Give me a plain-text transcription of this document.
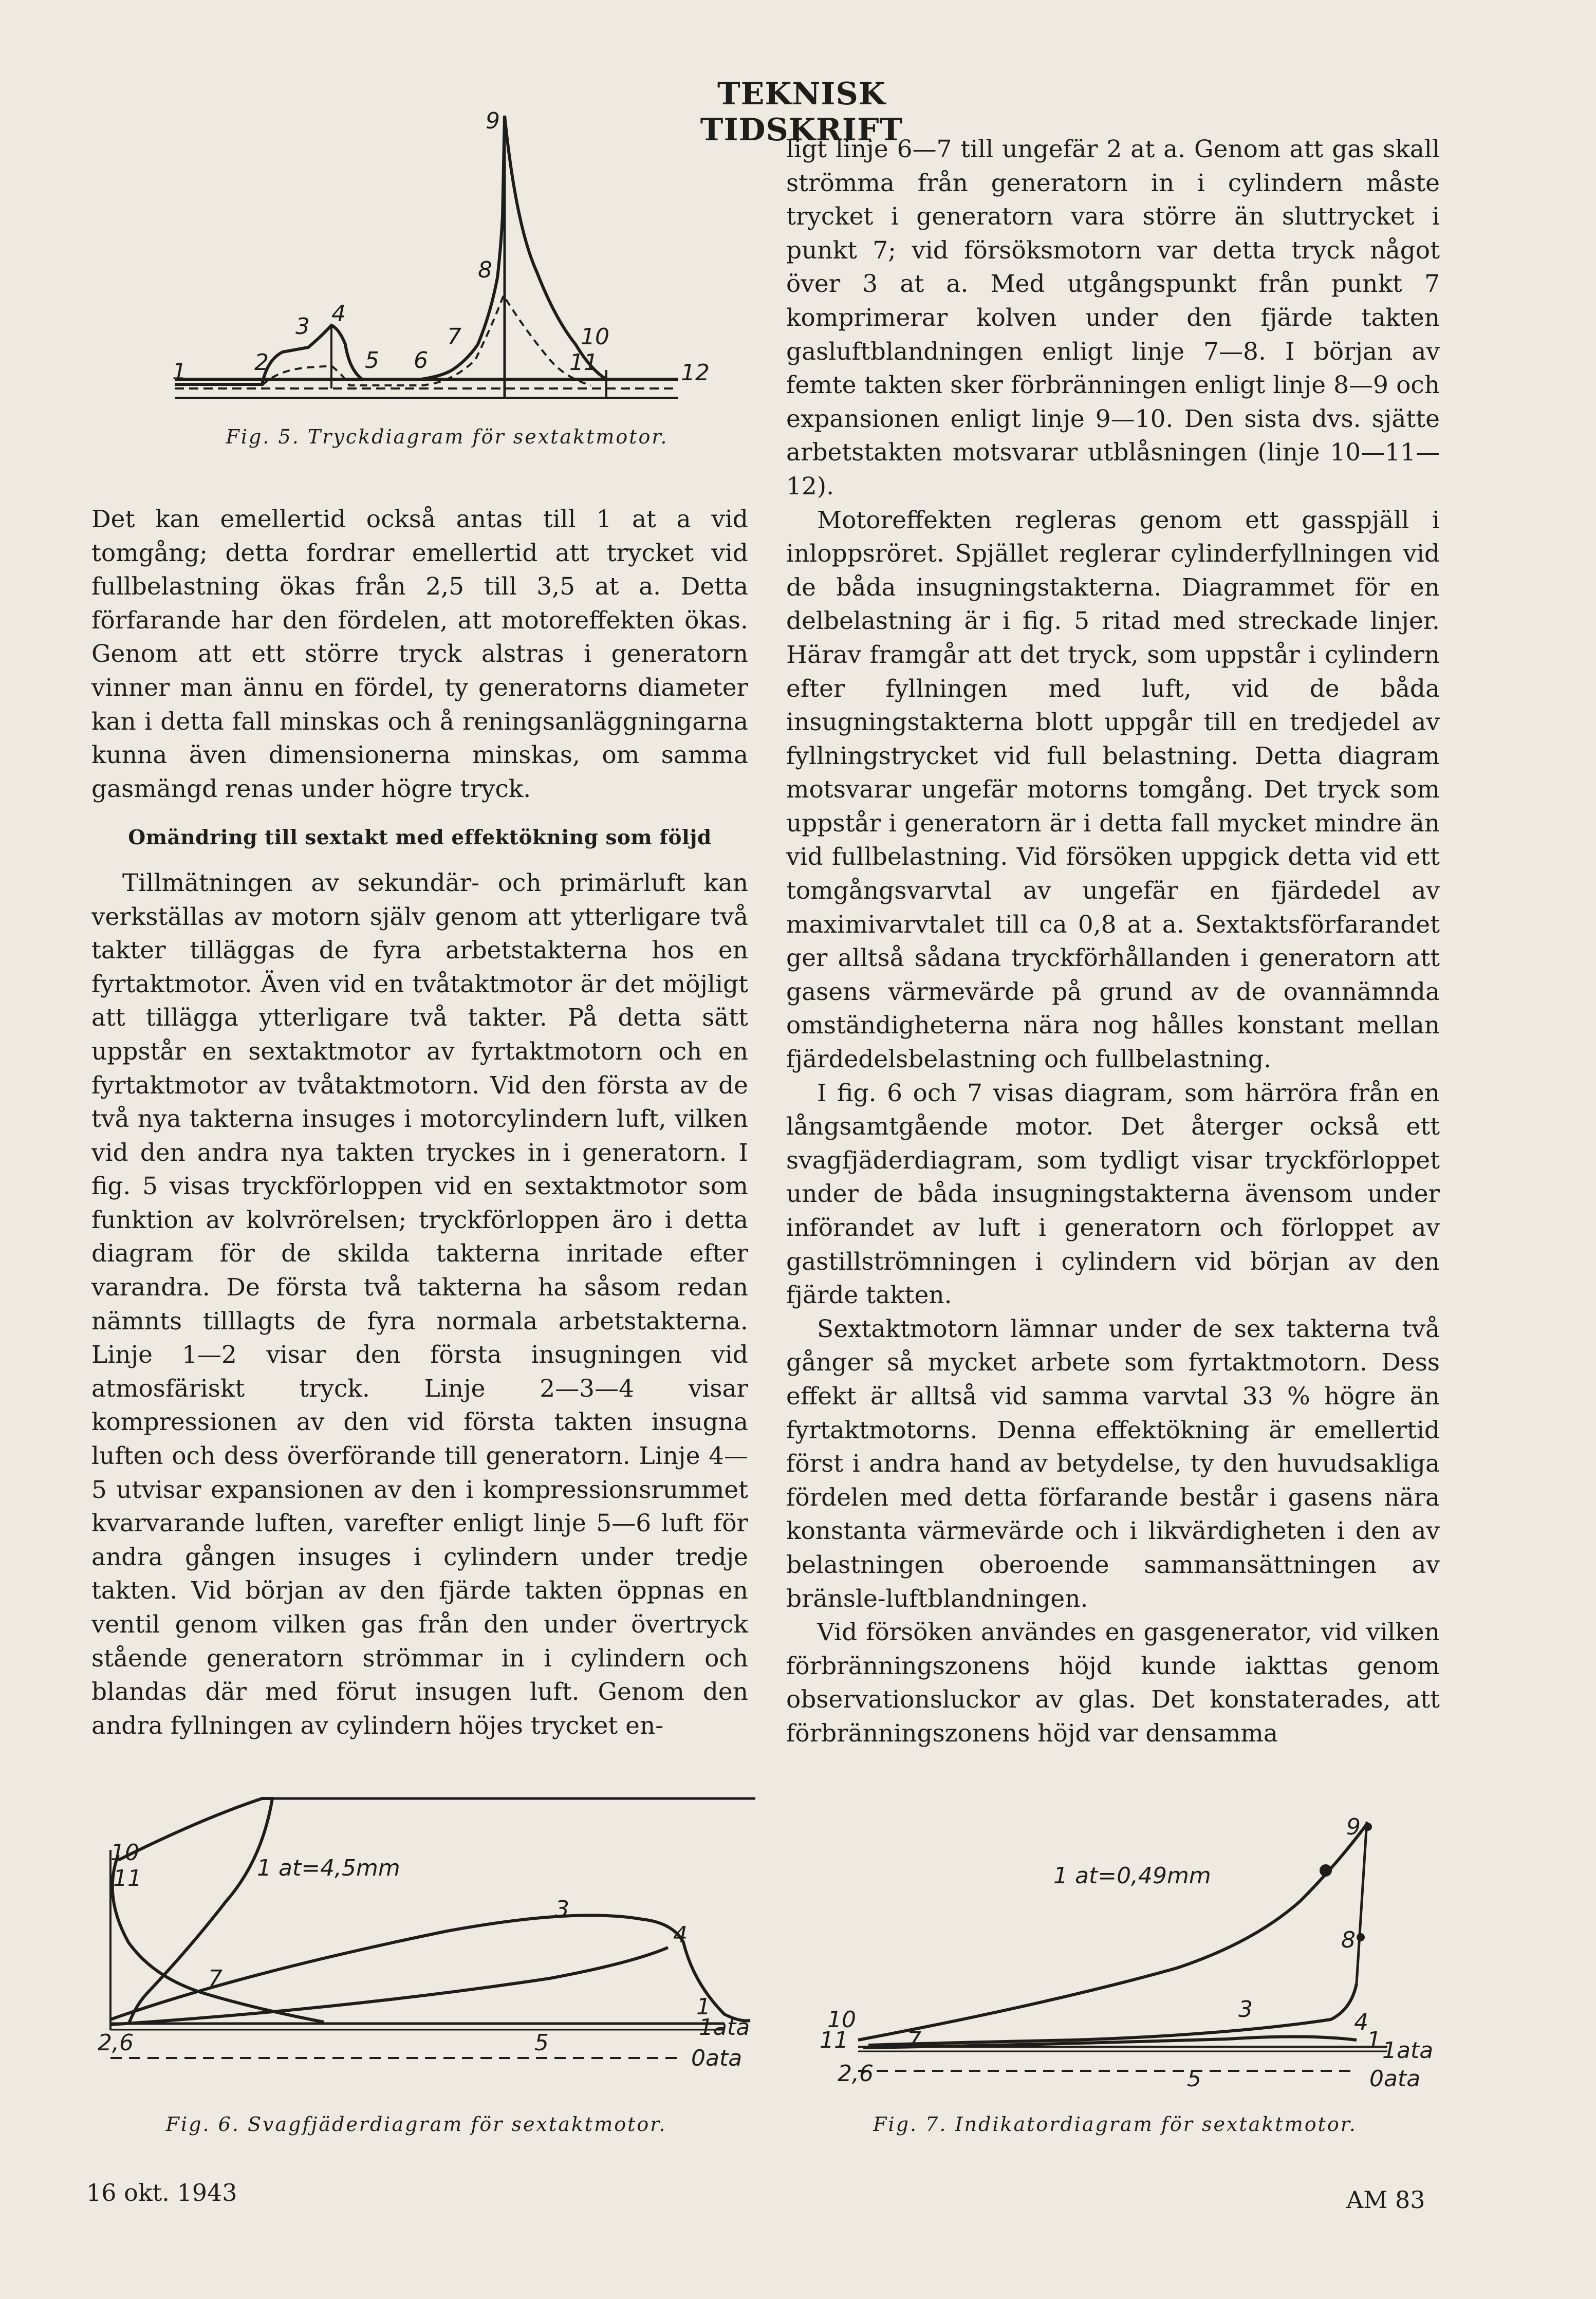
TEKNISK TIDSKRIFT
9
8
7
3 4
2
1	5 6
10
11	12
Fig. 5. Tryckdiagram för sextaktmotor.

Det kan emellertid också antas till 1 at a vid tomgång; detta fordrar emellertid att trycket vid fullbelastning ökas från 2,5 till 3,5 at a. Detta förfarande har den fördelen, att motoreffekten ökas. Genom att ett större tryck alstras i generatorn vinner man ännu en fördel, ty generatorns diameter kan i detta fall minskas och å reningsanläggningarna kunna även dimensionerna minskas, om samma gasmängd renas under högre tryck.

Omändring till sextakt med effektökning som följd

Tillmätningen av sekundär- och primärluft kan verkställas av motorn själv genom att ytterligare två takter tilläggas de fyra arbetstakterna hos en fyrtaktmotor. Även vid en tvåtaktmotor är det möjligt att tillägga ytterligare två takter. På detta sätt uppstår en sextaktmotor av fyrtaktmotorn och en fyrtaktmotor av tvåtaktmotorn. Vid den första av de två nya takterna insuges i motorcylindern luft, vilken vid den andra nya takten tryckes in i generatorn. I fig. 5 visas tryckförloppen vid en sextaktmotor som funktion av kolvrörelsen; tryckförloppen äro i detta diagram för de skilda takterna inritade efter varandra. De första två takterna ha såsom redan nämnts tilllagts de fyra normala arbetstakterna. Linje 1—2 visar den första insugningen vid atmosfäriskt tryck. Linje 2—3—4 visar kompressionen av den vid första takten insugna luften och dess överförande till generatorn. Linje 4—5 utvisar expansionen av den i kompressionsrummet kvarvarande luften, varefter enligt linje 5—6 luft för andra gången insuges i cylindern under tredje takten. Vid början av den fjärde takten öppnas en ventil genom vilken gas från den under övertryck stående generatorn strömmar in i cylindern och blandas där med förut insugen luft. Genom den andra fyllningen av cylindern höjes trycket en-

ligt linje 6—7 till ungefär 2 at a. Genom att gas skall strömma från generatorn in i cylindern måste trycket i generatorn vara större än sluttrycket i punkt 7; vid försöksmotorn var detta tryck något över 3 at a. Med utgångspunkt från punkt 7 komprimerar kolven under den fjärde takten gasluftblandningen enligt linje 7—8. I början av femte takten sker förbränningen enligt linje 8—9 och expansionen enligt linje 9—10. Den sista dvs. sjätte arbetstakten motsvarar utblåsningen (linje 10—11—12).

Motoreffekten regleras genom ett gasspjäll i inloppsröret. Spjället reglerar cylinderfyllningen vid de båda insugningstakterna. Diagrammet för en delbelastning är i fig. 5 ritad med streckade linjer. Härav framgår att det tryck, som uppstår i cylindern efter fyllningen med luft, vid de båda insugningstakterna blott uppgår till en tredjedel av fyllningstrycket vid full belastning. Detta diagram motsvarar ungefär motorns tomgång. Det tryck som uppstår i generatorn är i detta fall mycket mindre än vid fullbelastning. Vid försöken uppgick detta vid ett tomgångsvarvtal av ungefär en fjärdedel av maximivarvtalet till ca 0,8 at a. Sextaktsförfarandet ger alltså sådana tryckförhållanden i generatorn att gasens värmevärde på grund av de ovannämnda omständigheterna nära nog hålles konstant mellan fjärdedelsbelastning och fullbelastning.

I fig. 6 och 7 visas diagram, som härröra från en långsamtgående motor. Det återger också ett svagfjäderdiagram, som tydligt visar tryckförloppet under de båda insugningstakterna ävensom under införandet av luft i generatorn och förloppet av gastillströmningen i cylindern vid början av den fjärde takten.

Sextaktmotorn lämnar under de sex takterna två gånger så mycket arbete som fyrtaktmotorn. Dess effekt är alltså vid samma varvtal 33 % högre än fyrtaktmotorns. Denna effektökning är emellertid först i andra hand av betydelse, ty den huvudsakliga fördelen med detta förfarande består i gasens nära konstanta värmevärde och i likvärdigheten i den av belastningen oberoende sammansättningen av bränsle-luftblandningen.

Vid försöken användes en gasgenerator, vid vilken förbränningszonens höjd kunde iakttas genom observationsluckor av glas. Det konstaterades, att förbränningszonens höjd var densamma

10
11	1 at=4,5mm
3
4
7
1
1ata
5
2,6
0ata
Fig. 6. Svagfjäderdiagram för sextaktmotor.
9
1 at=0,49mm
8
3	4
10
11	7	1 1ata
2,6	5	0ata
Fig. 7. Indikatordiagram för sextaktmotor.
16 okt. 1943	AM 83
